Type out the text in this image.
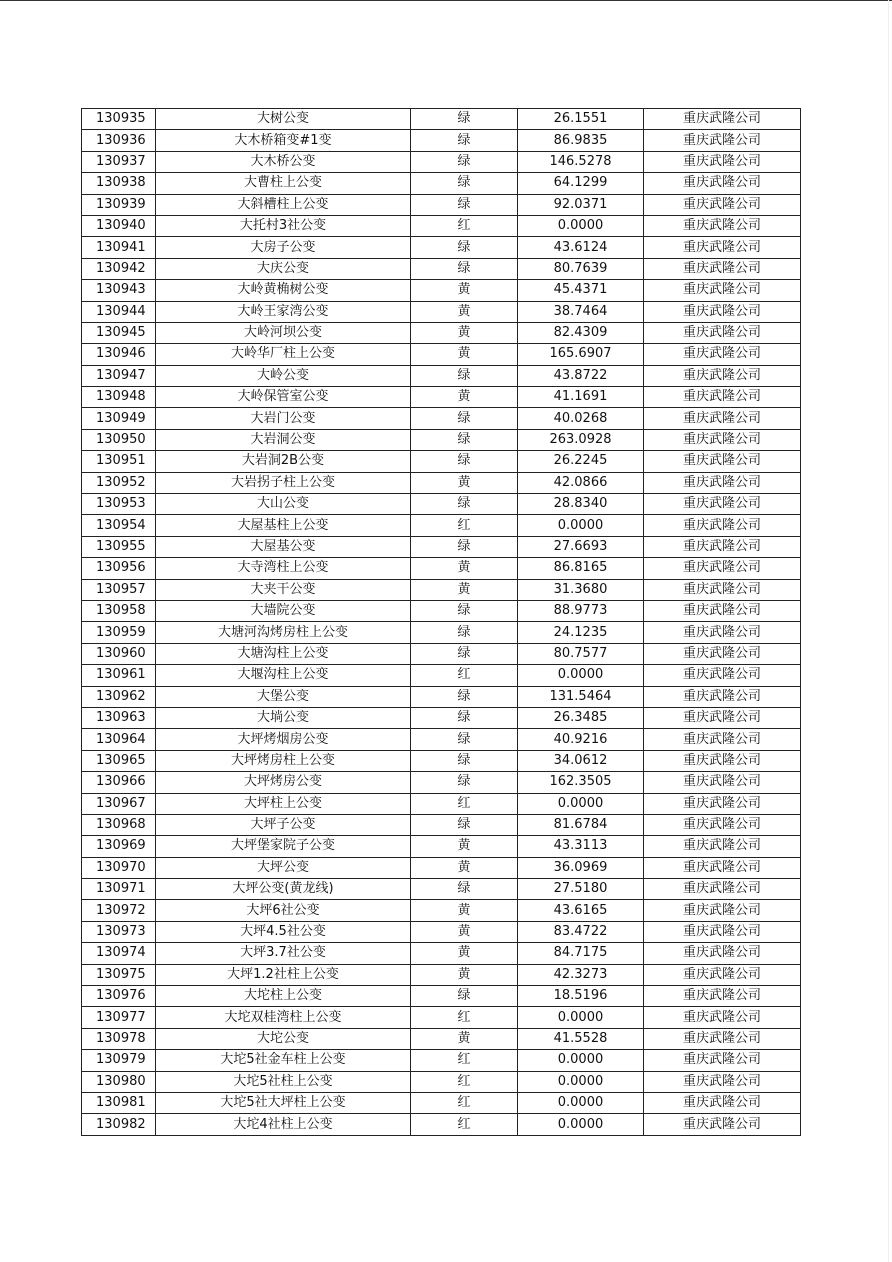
130935	大树公变	绿	26.1551	重庆武隆公司
130936	大木桥箱变#1变	绿	86.9835	重庆武隆公司
130937	大木桥公变	绿	146.5278	重庆武隆公司
130938	大曹柱上公变	绿	64.1299	重庆武隆公司
130939	大斜槽柱上公变	绿	92.0371	重庆武隆公司
130940	大托村3社公变	红	0.0000	重庆武隆公司
130941	大房子公变	绿	43.6124	重庆武隆公司
130942	大庆公变	绿	80.7639	重庆武隆公司
130943	大岭黄桷树公变	黄	45.4371	重庆武隆公司
130944	大岭王家湾公变	黄	38.7464	重庆武隆公司
130945	大岭河坝公变	黄	82.4309	重庆武隆公司
130946	大岭华厂柱上公变	黄	165.6907	重庆武隆公司
130947	大岭公变	绿	43.8722	重庆武隆公司
130948	大岭保管室公变	黄	41.1691	重庆武隆公司
130949	大岩门公变	绿	40.0268	重庆武隆公司
130950	大岩洞公变	绿	263.0928	重庆武隆公司
130951	大岩洞2B公变	绿	26.2245	重庆武隆公司
130952	大岩拐子柱上公变	黄	42.0866	重庆武隆公司
130953	大山公变	绿	28.8340	重庆武隆公司
130954	大屋基柱上公变	红	0.0000	重庆武隆公司
130955	大屋基公变	绿	27.6693	重庆武隆公司
130956	大寺湾柱上公变	黄	86.8165	重庆武隆公司
130957	大夹干公变	黄	31.3680	重庆武隆公司
130958	大墙院公变	绿	88.9773	重庆武隆公司
130959	大塘河沟烤房柱上公变	绿	24.1235	重庆武隆公司
130960	大塘沟柱上公变	绿	80.7577	重庆武隆公司
130961	大堰沟柱上公变	红	0.0000	重庆武隆公司
130962	大堡公变	绿	131.5464	重庆武隆公司
130963	大埫公变	绿	26.3485	重庆武隆公司
130964	大坪烤烟房公变	绿	40.9216	重庆武隆公司
130965	大坪烤房柱上公变	绿	34.0612	重庆武隆公司
130966	大坪烤房公变	绿	162.3505	重庆武隆公司
130967	大坪柱上公变	红	0.0000	重庆武隆公司
130968	大坪子公变	绿	81.6784	重庆武隆公司
130969	大坪堡家院子公变	黄	43.3113	重庆武隆公司
130970	大坪公变	黄	36.0969	重庆武隆公司
130971	大坪公变(黄龙线)	绿	27.5180	重庆武隆公司
130972	大坪6社公变	黄	43.6165	重庆武隆公司
130973	大坪4.5社公变	黄	83.4722	重庆武隆公司
130974	大坪3.7社公变	黄	84.7175	重庆武隆公司
130975	大坪1.2社柱上公变	黄	42.3273	重庆武隆公司
130976	大坨柱上公变	绿	18.5196	重庆武隆公司
130977	大坨双桂湾柱上公变	红	0.0000	重庆武隆公司
130978	大坨公变	黄	41.5528	重庆武隆公司
130979	大坨5社金车柱上公变	红	0.0000	重庆武隆公司
130980	大坨5社柱上公变	红	0.0000	重庆武隆公司
130981	大坨5社大坪柱上公变	红	0.0000	重庆武隆公司
130982	大坨4社柱上公变	红	0.0000	重庆武隆公司
